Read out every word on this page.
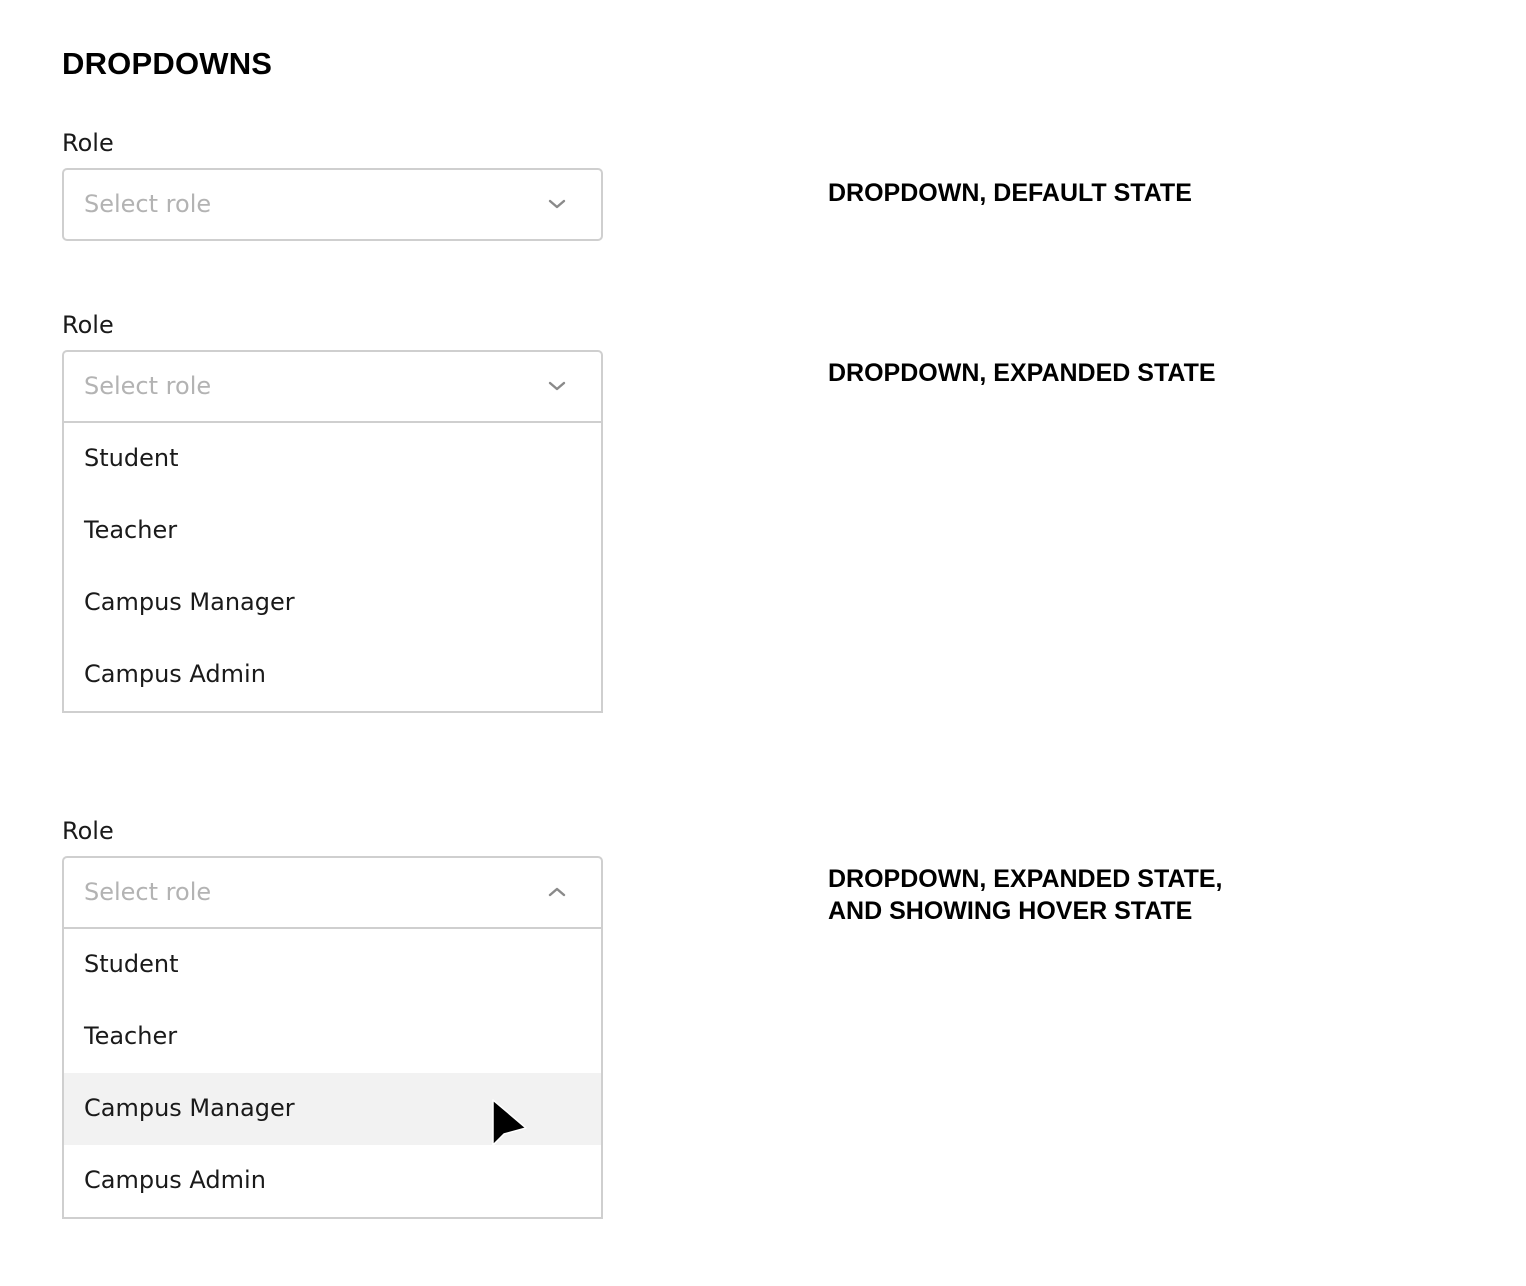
DROPDOWNS
Role
Select role	DROPDOWN, DEFAULT STATE

Role
Select role
Student
Teacher
Campus Manager
Campus Admin

DROPDOWN, EXPANDED STATE

Role
Select role
Student
Teacher
Campus Manager
Campus Admin

DROPDOWN, EXPANDED STATE,
AND SHOWING HOVER STATE
